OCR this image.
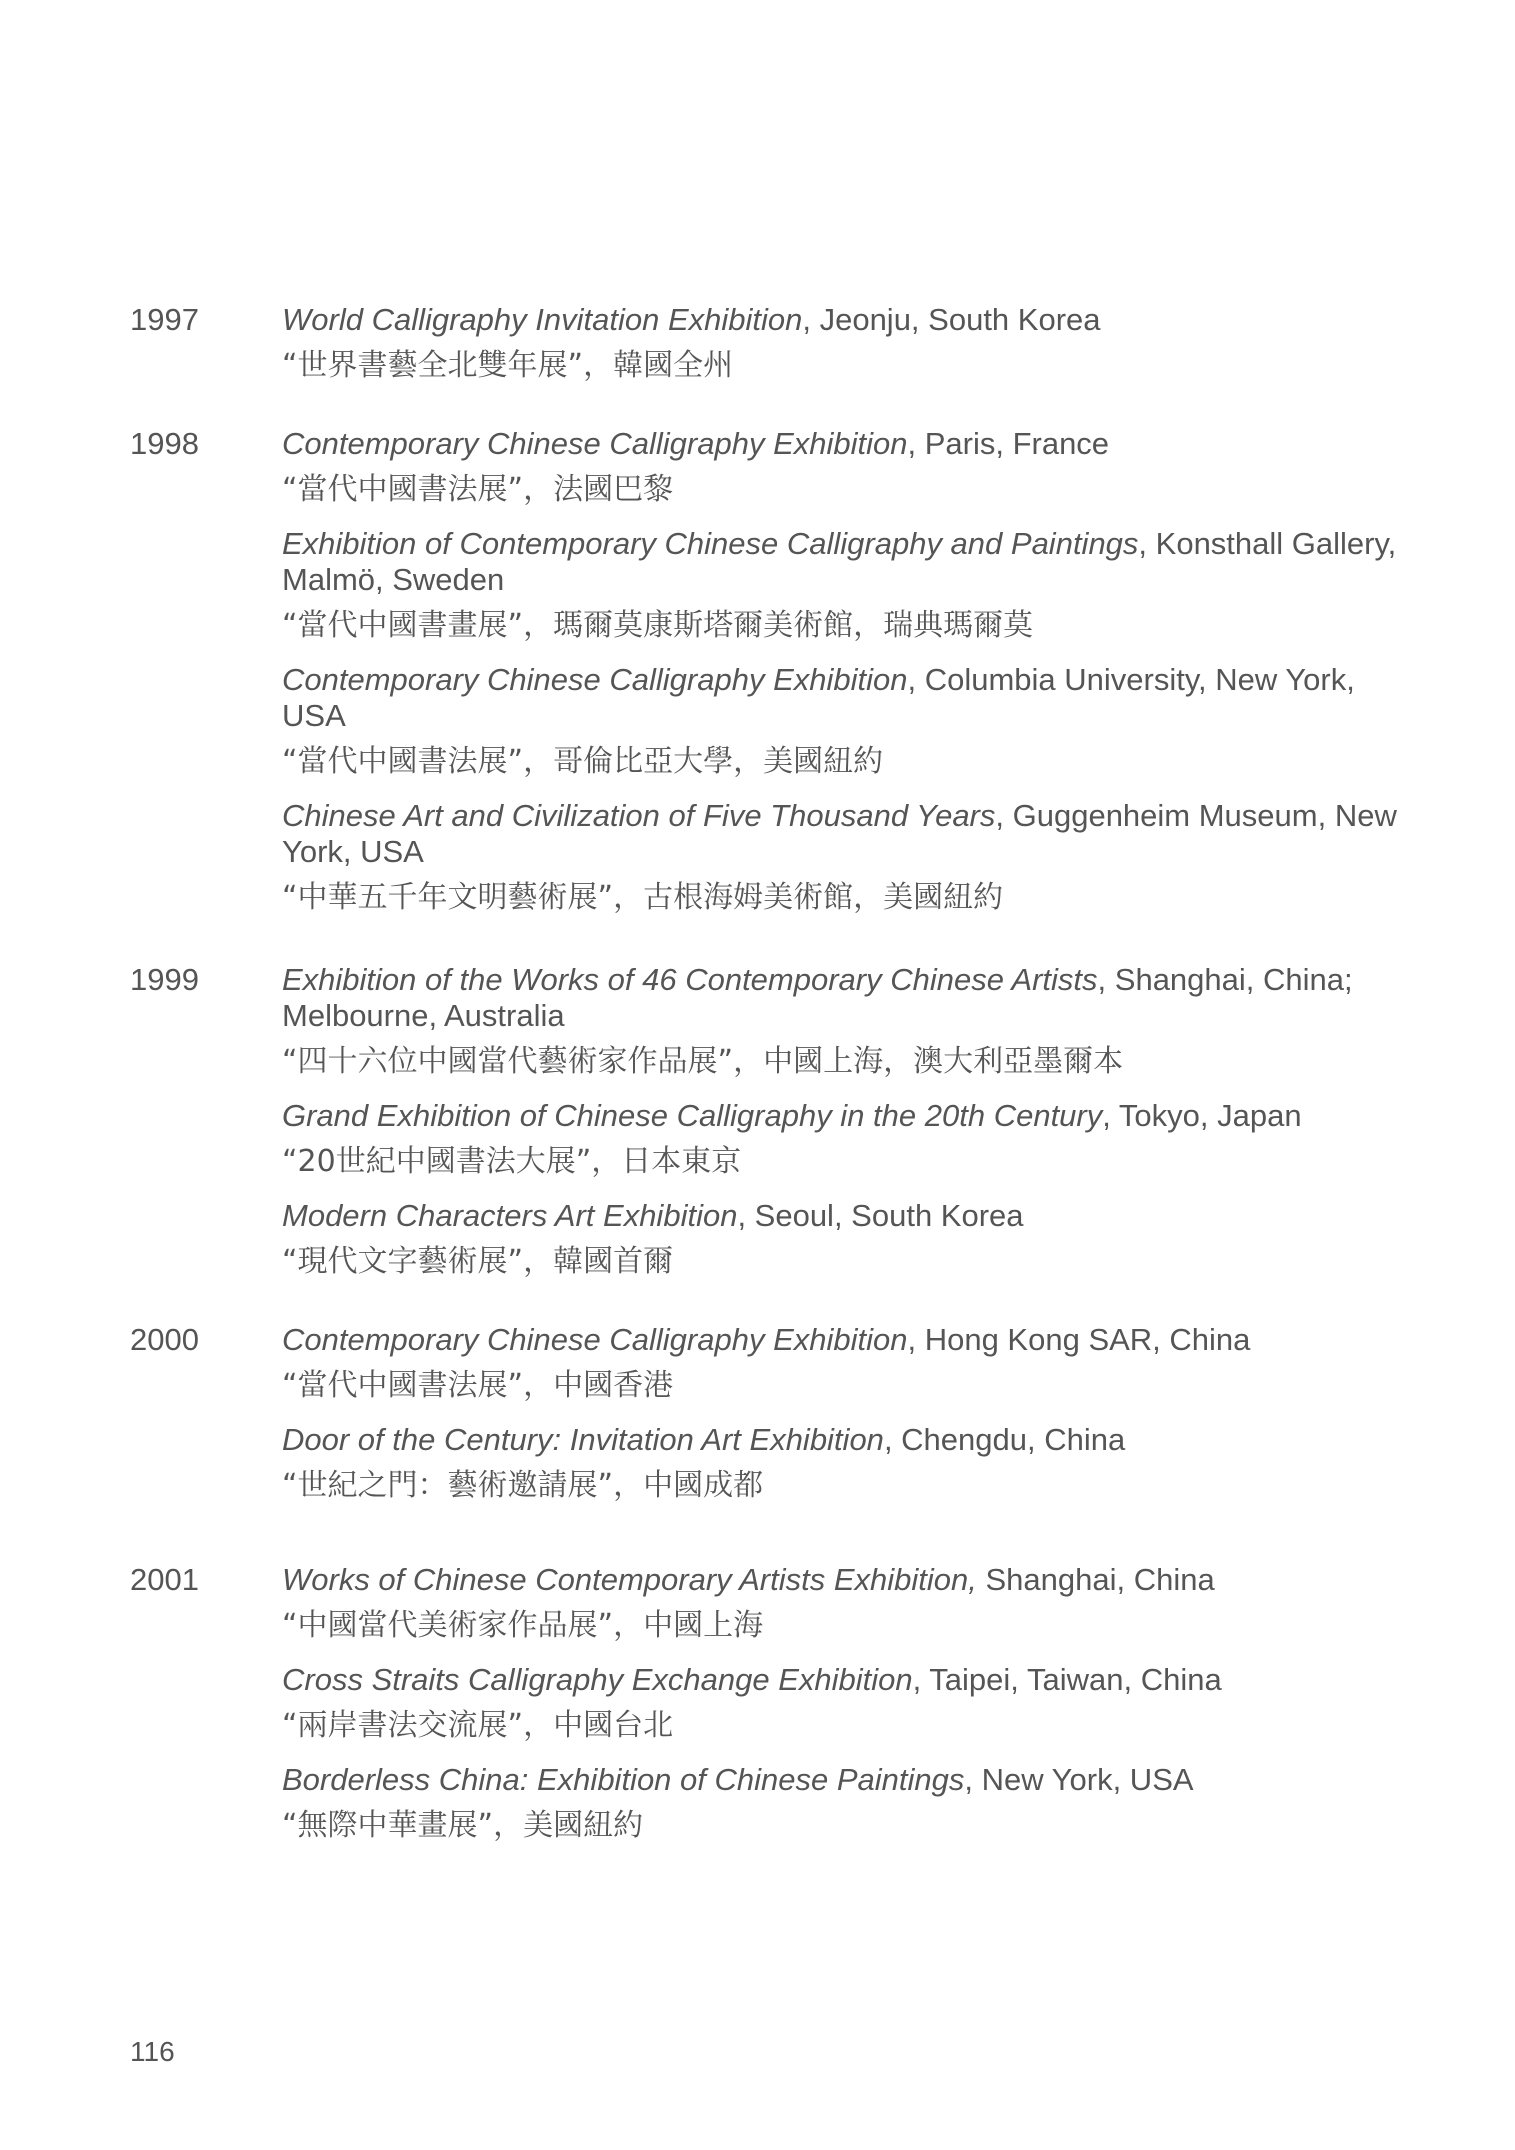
1997	World Calligraphy Invitation Exhibition, Jeonju, South Korea

“世界書藝全北雙年展”，韓國全州

1998	Contemporary Chinese Calligraphy Exhibition, Paris, France

“當代中國書法展”，法國巴黎

Exhibition of Contemporary Chinese Calligraphy and Paintings, Konsthall Gallery, Malmö, Sweden

“當代中國書畫展”，瑪爾莫康斯塔爾美術館，瑞典瑪爾莫

Contemporary Chinese Calligraphy Exhibition, Columbia University, New York, USA

“當代中國書法展”，哥倫比亞大學，美國紐約

Chinese Art and Civilization of Five Thousand Years, Guggenheim Museum, New York, USA

“中華五千年文明藝術展”，古根海姆美術館，美國紐約

1999	Exhibition of the Works of 46 Contemporary Chinese Artists, Shanghai, China; Melbourne, Australia

“四十六位中國當代藝術家作品展”，中國上海，澳大利亞墨爾本

Grand Exhibition of Chinese Calligraphy in the 20th Century, Tokyo, Japan

“20世紀中國書法大展”，日本東京

Modern Characters Art Exhibition, Seoul, South Korea

“現代文字藝術展”，韓國首爾

2000	Contemporary Chinese Calligraphy Exhibition, Hong Kong SAR, China

“當代中國書法展”，中國香港

Door of the Century: Invitation Art Exhibition, Chengdu, China

“世紀之門：藝術邀請展”，中國成都

2001	Works of Chinese Contemporary Artists Exhibition, Shanghai, China

“中國當代美術家作品展”，中國上海

Cross Straits Calligraphy Exchange Exhibition, Taipei, Taiwan, China

“兩岸書法交流展”，中國台北

Borderless China: Exhibition of Chinese Paintings, New York, USA

“無際中華畫展”，美國紐約

116
